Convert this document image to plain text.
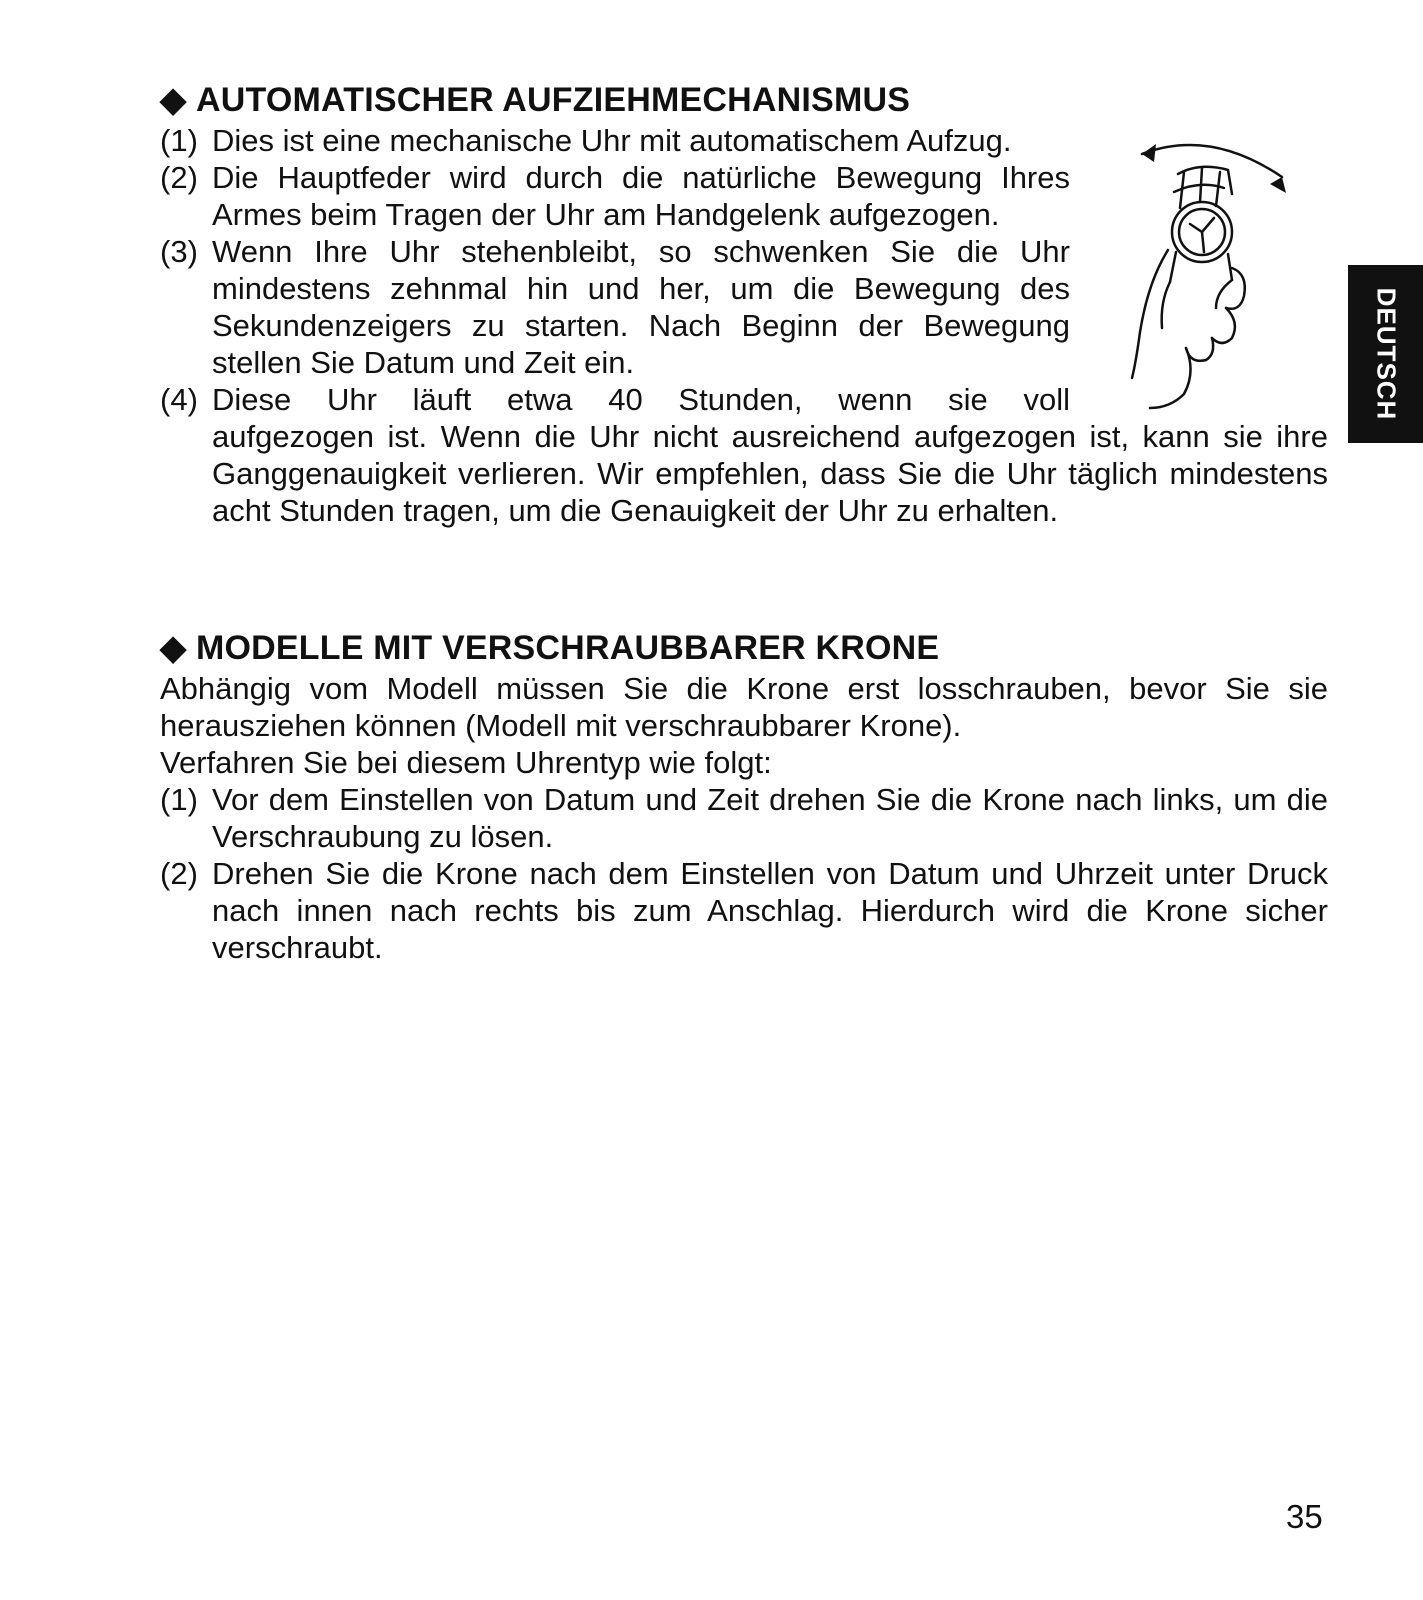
◆ AUTOMATISCHER AUFZIEHMECHANISMUS
(1) Dies ist eine mechanische Uhr mit automatischem Aufzug.
(2) Die Hauptfeder wird durch die natürliche Bewegung Ihres Armes beim Tragen der Uhr am Handgelenk aufgezogen.
(3) Wenn Ihre Uhr stehenbleibt, so schwenken Sie die Uhr mindestens zehnmal hin und her, um die Bewegung des Sekundenzeigers zu starten. Nach Beginn der Bewegung stellen Sie Datum und Zeit ein.
(4) Diese Uhr läuft etwa 40 Stunden, wenn sie voll
aufgezogen ist. Wenn die Uhr nicht ausreichend aufgezogen ist, kann sie ihre Ganggenauigkeit verlieren. Wir empfehlen, dass Sie die Uhr täglich mindestens acht Stunden tragen, um die Genauigkeit der Uhr zu erhalten.
DEUTSCH
◆ MODELLE MIT VERSCHRAUBBARER KRONE
Abhängig vom Modell müssen Sie die Krone erst losschrauben, bevor Sie sie herausziehen können (Modell mit verschraubbarer Krone).
Verfahren Sie bei diesem Uhrentyp wie folgt:
(1) Vor dem Einstellen von Datum und Zeit drehen Sie die Krone nach links, um die Verschraubung zu lösen.
(2) Drehen Sie die Krone nach dem Einstellen von Datum und Uhrzeit unter Druck nach innen nach rechts bis zum Anschlag. Hierdurch wird die Krone sicher verschraubt.
35
